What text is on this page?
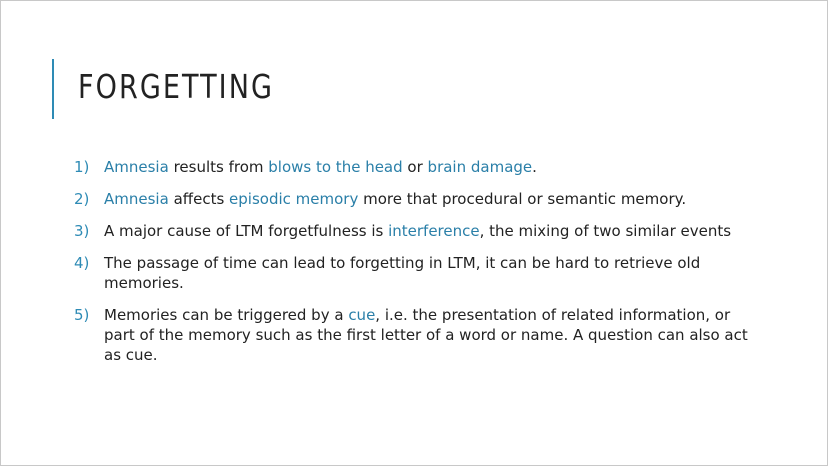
FORGETTING
1) Amnesia results from blows to the head or brain damage.
2) Amnesia affects episodic memory more that procedural or semantic memory.
3) A major cause of LTM forgetfulness is interference, the mixing of two similar events
4) The passage of time can lead to forgetting in LTM, it can be hard to retrieve old memories.
5) Memories can be triggered by a cue, i.e. the presentation of related information, or part of the memory such as the first letter of a word or name. A question can also act as cue.
